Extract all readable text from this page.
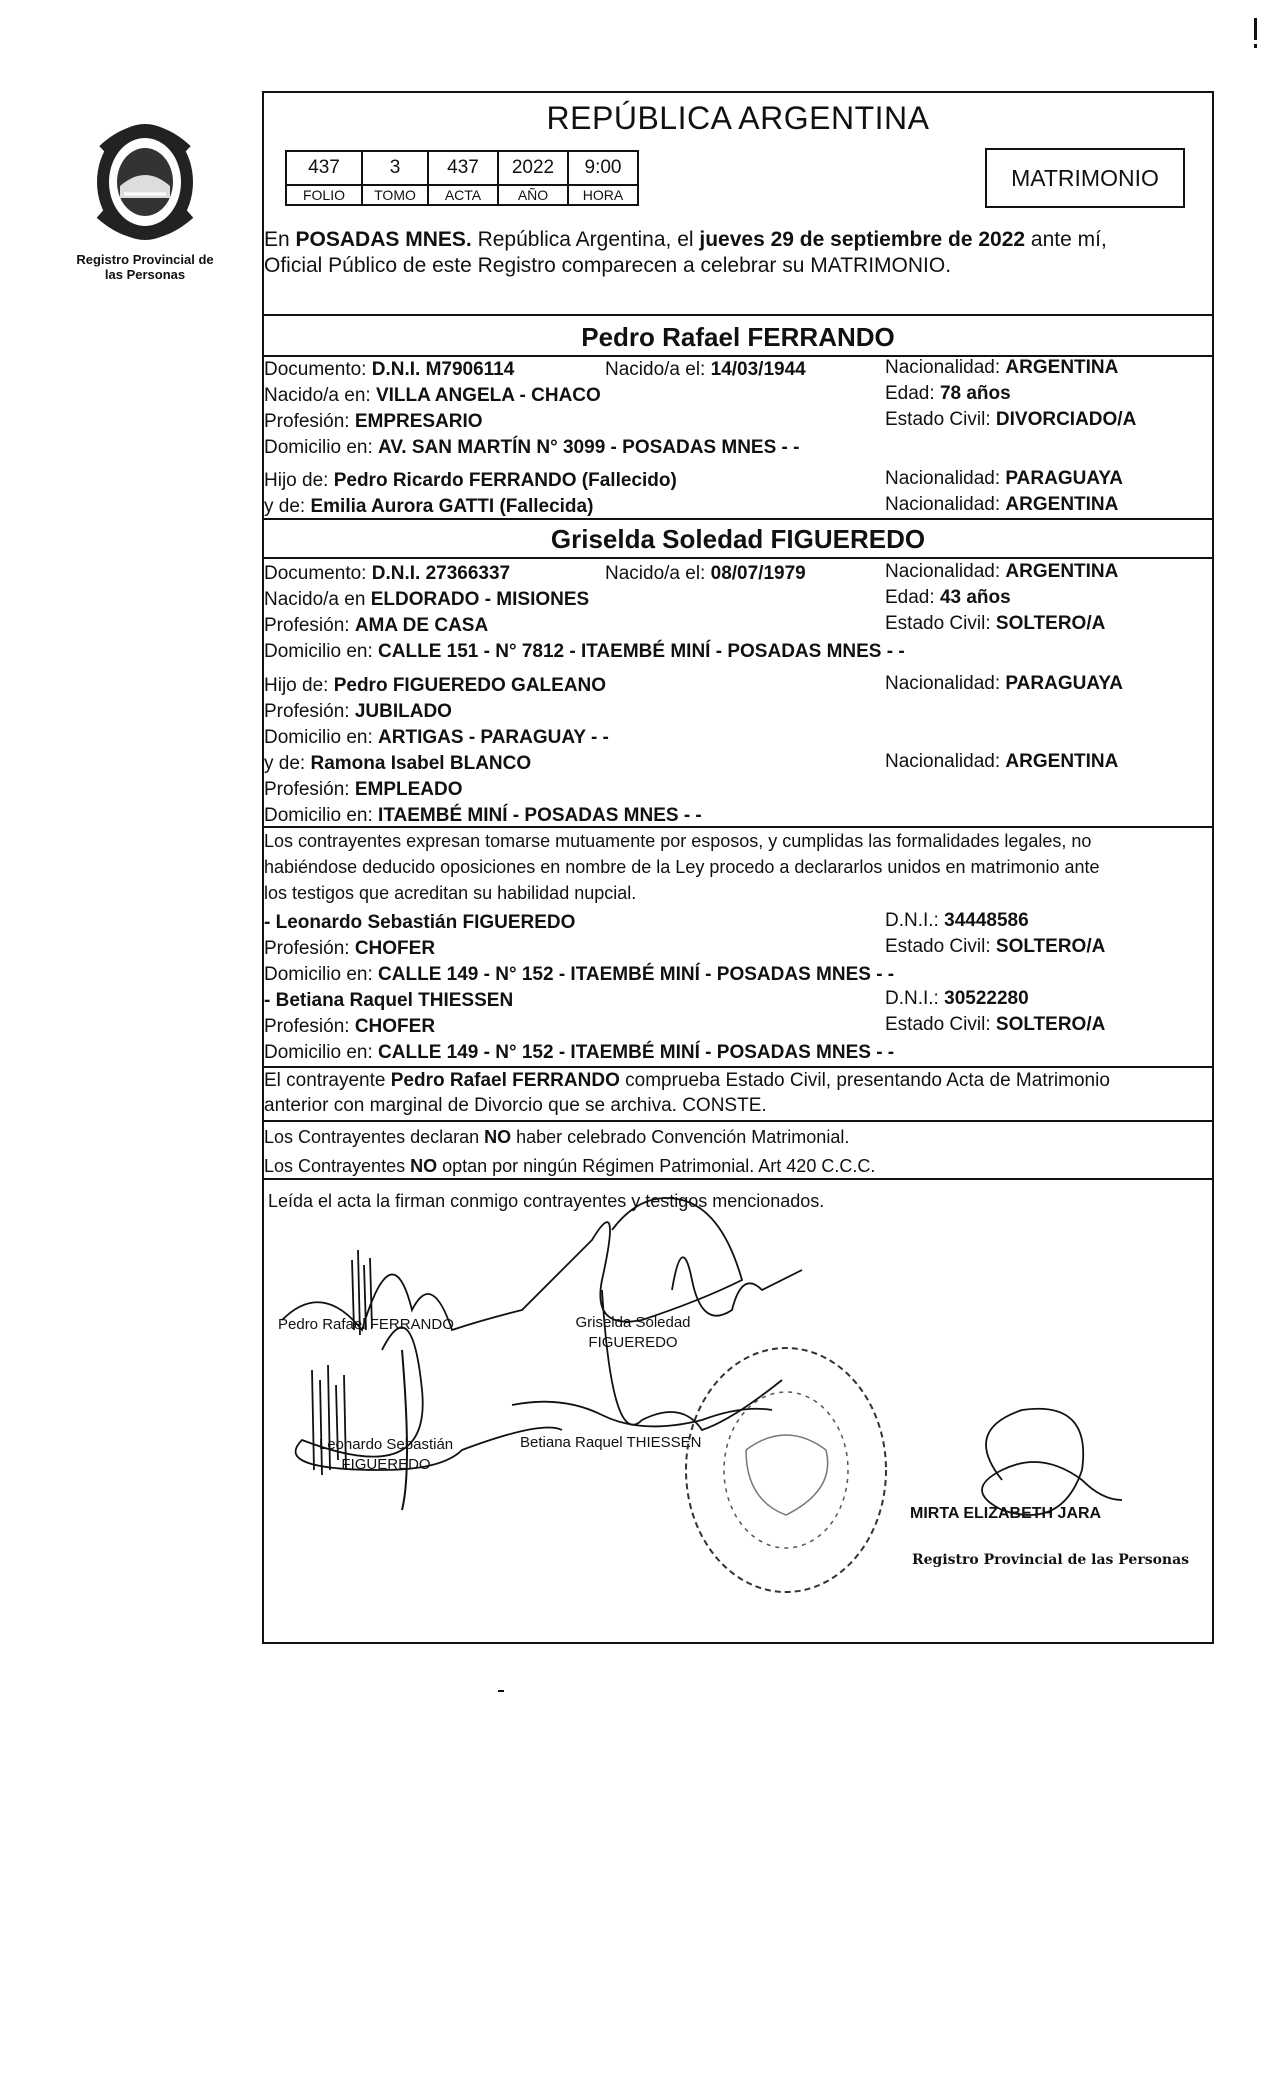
Registro Provincial de las Personas
REPÚBLICA ARGENTINA
437	3	437	2022	9:00
FOLIO	TOMO	ACTA	AÑO	HORA
MATRIMONIO
En POSADAS MNES. República Argentina, el jueves 29 de septiembre de 2022 ante mí,
Oficial Público de este Registro comparecen a celebrar su MATRIMONIO.
Pedro Rafael FERRANDO
Documento: D.N.I. M7906114	Nacido/a el: 14/03/1944	Nacionalidad: ARGENTINA
Nacido/a en: VILLA ANGELA - CHACO	Edad: 78 años
Profesión: EMPRESARIO	Estado Civil: DIVORCIADO/A
Domicilio en: AV. SAN MARTÍN N° 3099 - POSADAS MNES - -
Hijo de: Pedro Ricardo FERRANDO (Fallecido)	Nacionalidad: PARAGUAYA
y de: Emilia Aurora GATTI (Fallecida)	Nacionalidad: ARGENTINA
Griselda Soledad FIGUEREDO
Documento: D.N.I. 27366337	Nacido/a el: 08/07/1979	Nacionalidad: ARGENTINA
Nacido/a en ELDORADO - MISIONES	Edad: 43 años
Profesión: AMA DE CASA	Estado Civil: SOLTERO/A
Domicilio en: CALLE 151 - N° 7812 - ITAEMBÉ MINÍ - POSADAS MNES - -
Hijo de: Pedro FIGUEREDO GALEANO	Nacionalidad: PARAGUAYA
Profesión: JUBILADO
Domicilio en: ARTIGAS - PARAGUAY - -
y de: Ramona Isabel BLANCO	Nacionalidad: ARGENTINA
Profesión: EMPLEADO
Domicilio en: ITAEMBÉ MINÍ - POSADAS MNES - -
Los contrayentes expresan tomarse mutuamente por esposos, y cumplidas las formalidades legales, no
habiéndose deducido oposiciones en nombre de la Ley procedo a declararlos unidos en matrimonio ante
los testigos que acreditan su habilidad nupcial.
- Leonardo Sebastián FIGUEREDO	D.N.I.: 34448586
Profesión: CHOFER	Estado Civil: SOLTERO/A
Domicilio en: CALLE 149 - N° 152 - ITAEMBÉ MINÍ - POSADAS MNES - -
- Betiana Raquel THIESSEN	D.N.I.: 30522280
Profesión: CHOFER	Estado Civil: SOLTERO/A
Domicilio en: CALLE 149 - N° 152 - ITAEMBÉ MINÍ - POSADAS MNES - -
El contrayente Pedro Rafael FERRANDO comprueba Estado Civil, presentando Acta de Matrimonio
anterior con marginal de Divorcio que se archiva. CONSTE.
Los Contrayentes declaran NO haber celebrado Convención Matrimonial.
Los Contrayentes NO optan por ningún Régimen Patrimonial. Art 420 C.C.C.
Leída el acta la firman conmigo contrayentes y testigos mencionados.
Pedro Rafael FERRANDO	Griselda Soledad
FIGUEREDO
Leonardo Sebastián
FIGUEREDO
Betiana Raquel THIESSEN
MIRTA ELIZABETH JARA
Registro Provincial de las Personas
